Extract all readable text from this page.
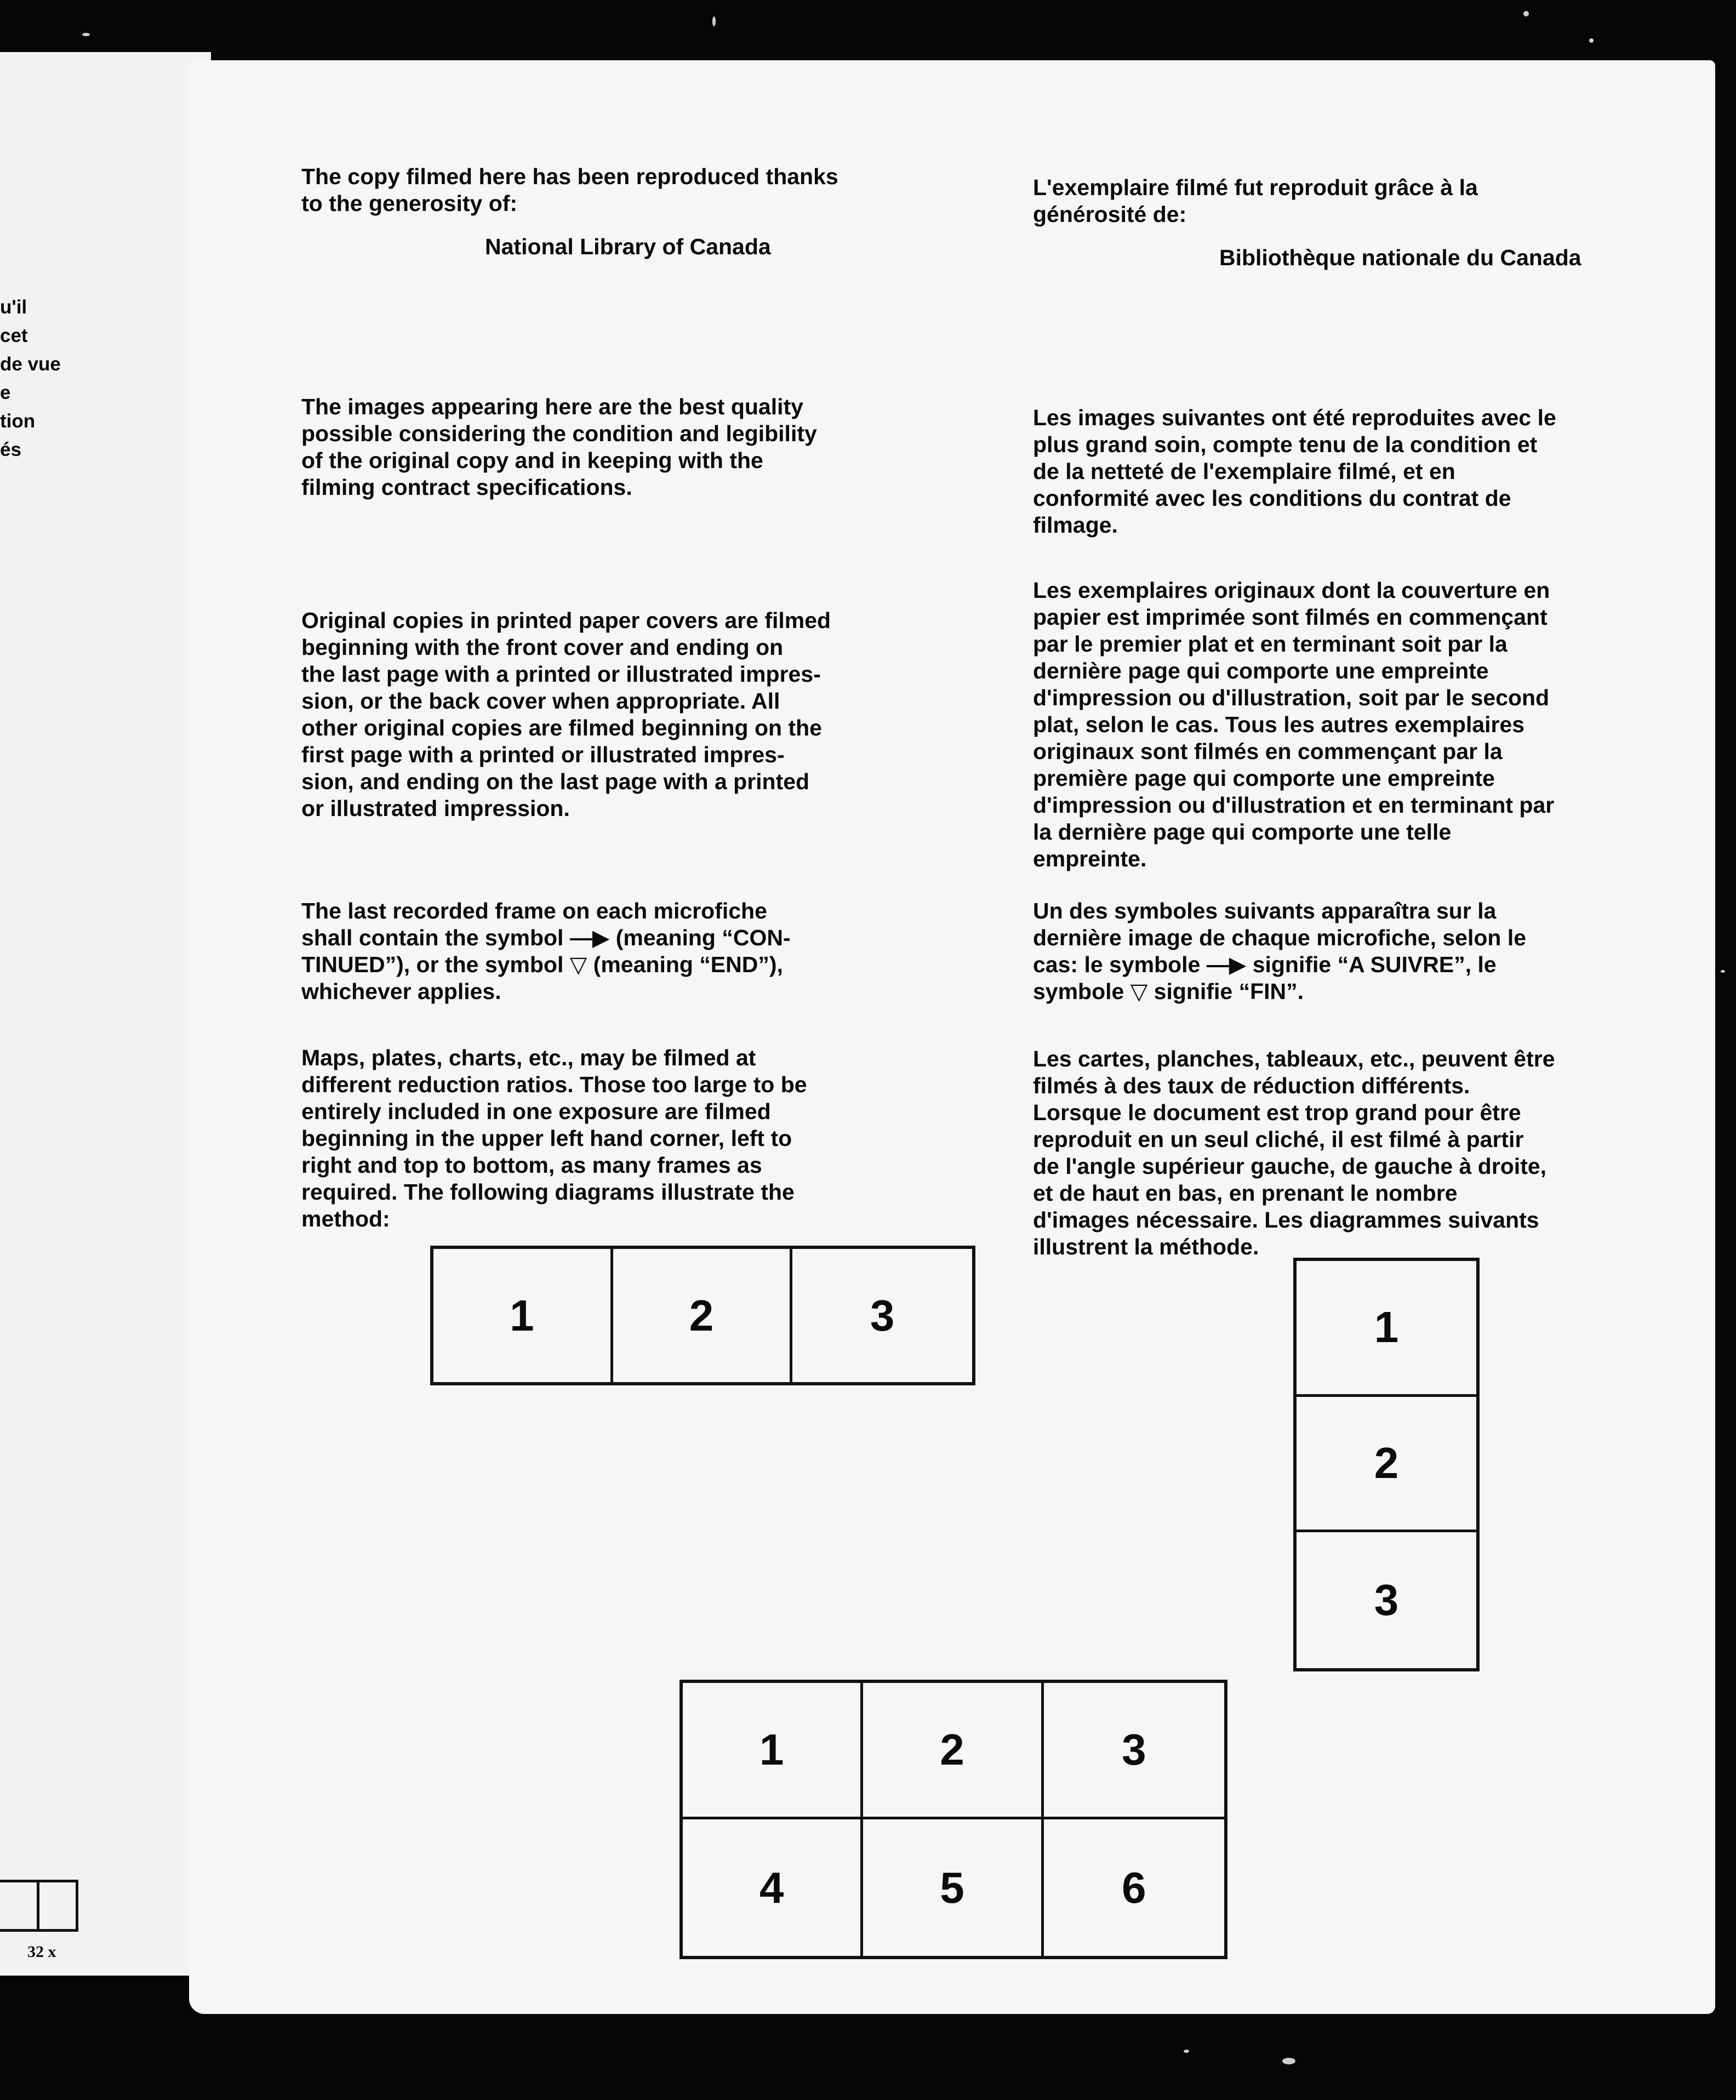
u'il
cet
de vue
e
tion
és
32 x
The copy filmed here has been reproduced thanks
to the generosity of:
National Library of Canada
The images appearing here are the best quality
possible considering the condition and legibility
of the original copy and in keeping with the
filming contract specifications.
Original copies in printed paper covers are filmed
beginning with the front cover and ending on
the last page with a printed or illustrated impres-
sion, or the back cover when appropriate. All
other original copies are filmed beginning on the
first page with a printed or illustrated impres-
sion, and ending on the last page with a printed
or illustrated impression.
The last recorded frame on each microfiche
shall contain the symbol —▶ (meaning “CON-
TINUED”), or the symbol ▽ (meaning “END”),
whichever applies.
Maps, plates, charts, etc., may be filmed at
different reduction ratios. Those too large to be
entirely included in one exposure are filmed
beginning in the upper left hand corner, left to
right and top to bottom, as many frames as
required. The following diagrams illustrate the
method:
L'exemplaire filmé fut reproduit grâce à la
générosité de:
Bibliothèque nationale du Canada
Les images suivantes ont été reproduites avec le
plus grand soin, compte tenu de la condition et
de la netteté de l'exemplaire filmé, et en
conformité avec les conditions du contrat de
filmage.
Les exemplaires originaux dont la couverture en
papier est imprimée sont filmés en commençant
par le premier plat et en terminant soit par la
dernière page qui comporte une empreinte
d'impression ou d'illustration, soit par le second
plat, selon le cas. Tous les autres exemplaires
originaux sont filmés en commençant par la
première page qui comporte une empreinte
d'impression ou d'illustration et en terminant par
la dernière page qui comporte une telle
empreinte.
Un des symboles suivants apparaîtra sur la
dernière image de chaque microfiche, selon le
cas: le symbole —▶ signifie “A SUIVRE”, le
symbole ▽ signifie “FIN”.
Les cartes, planches, tableaux, etc., peuvent être
filmés à des taux de réduction différents.
Lorsque le document est trop grand pour être
reproduit en un seul cliché, il est filmé à partir
de l'angle supérieur gauche, de gauche à droite,
et de haut en bas, en prenant le nombre
d'images nécessaire. Les diagrammes suivants
illustrent la méthode.
1	2	3	1
2
3
1	2	3
4	5	6
